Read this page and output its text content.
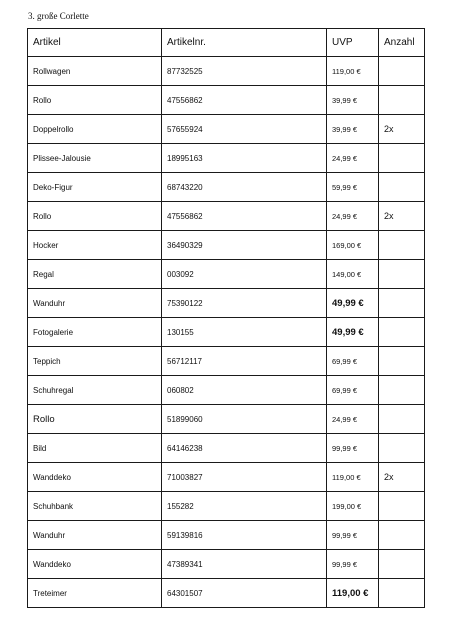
3. große Corlette
Artikel	Artikelnr.	UVP	Anzahl
Rollwagen	87732525	119,00 €	
Rollo	47556862	39,99 €	
Doppelrollo	57655924	39,99 €	2x
Plissee-Jalousie	18995163	24,99 €	
Deko-Figur	68743220	59,99 €	
Rollo	47556862	24,99 €	2x
Hocker	36490329	169,00 €	
Regal	003092	149,00 €	
Wanduhr	75390122	49,99 €	
Fotogalerie	130155	49,99 €	
Teppich	56712117	69,99 €	
Schuhregal	060802	69,99 €	
Rollo	51899060	24,99 €	
Bild	64146238	99,99 €	
Wanddeko	71003827	119,00 €	2x
Schuhbank	155282	199,00 €	
Wanduhr	59139816	99,99 €	
Wanddeko	47389341	99,99 €	
Treteimer	64301507	119,00 €	
